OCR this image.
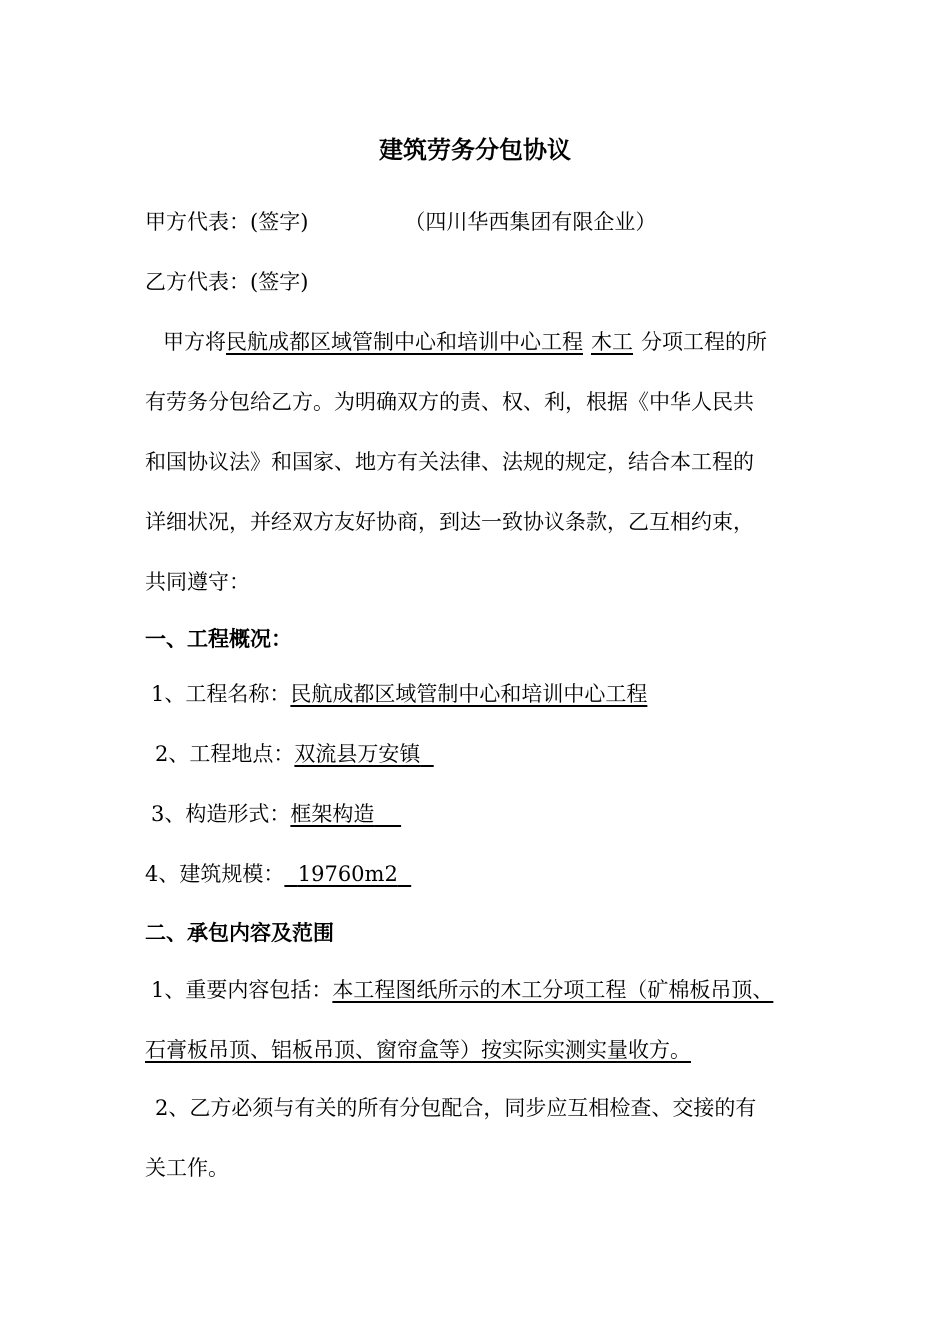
建筑劳务分包协议
甲方代表：(签字)	（四川华西集团有限企业）
乙方代表：(签字)
甲方将民航成都区域管制中心和培训中心工程 木工 分项工程的所
有劳务分包给乙方。为明确双方的责、权、利，根据《中华人民共
和国协议法》和国家、地方有关法律、法规的规定，结合本工程的
详细状况，并经双方友好协商，到达一致协议条款，乙互相约束，
共同遵守：
一、工程概况：
1、工程名称：民航成都区域管制中心和培训中心工程
2、工程地点：双流县万安镇
3、构造形式：框架构造
4、建筑规模： 19760m2
二、承包内容及范围
1、重要内容包括：本工程图纸所示的木工分项工程（矿棉板吊顶、
石膏板吊顶、铝板吊顶、窗帘盒等）按实际实测实量收方。
2、乙方必须与有关的所有分包配合，同步应互相检查、交接的有
关工作。
